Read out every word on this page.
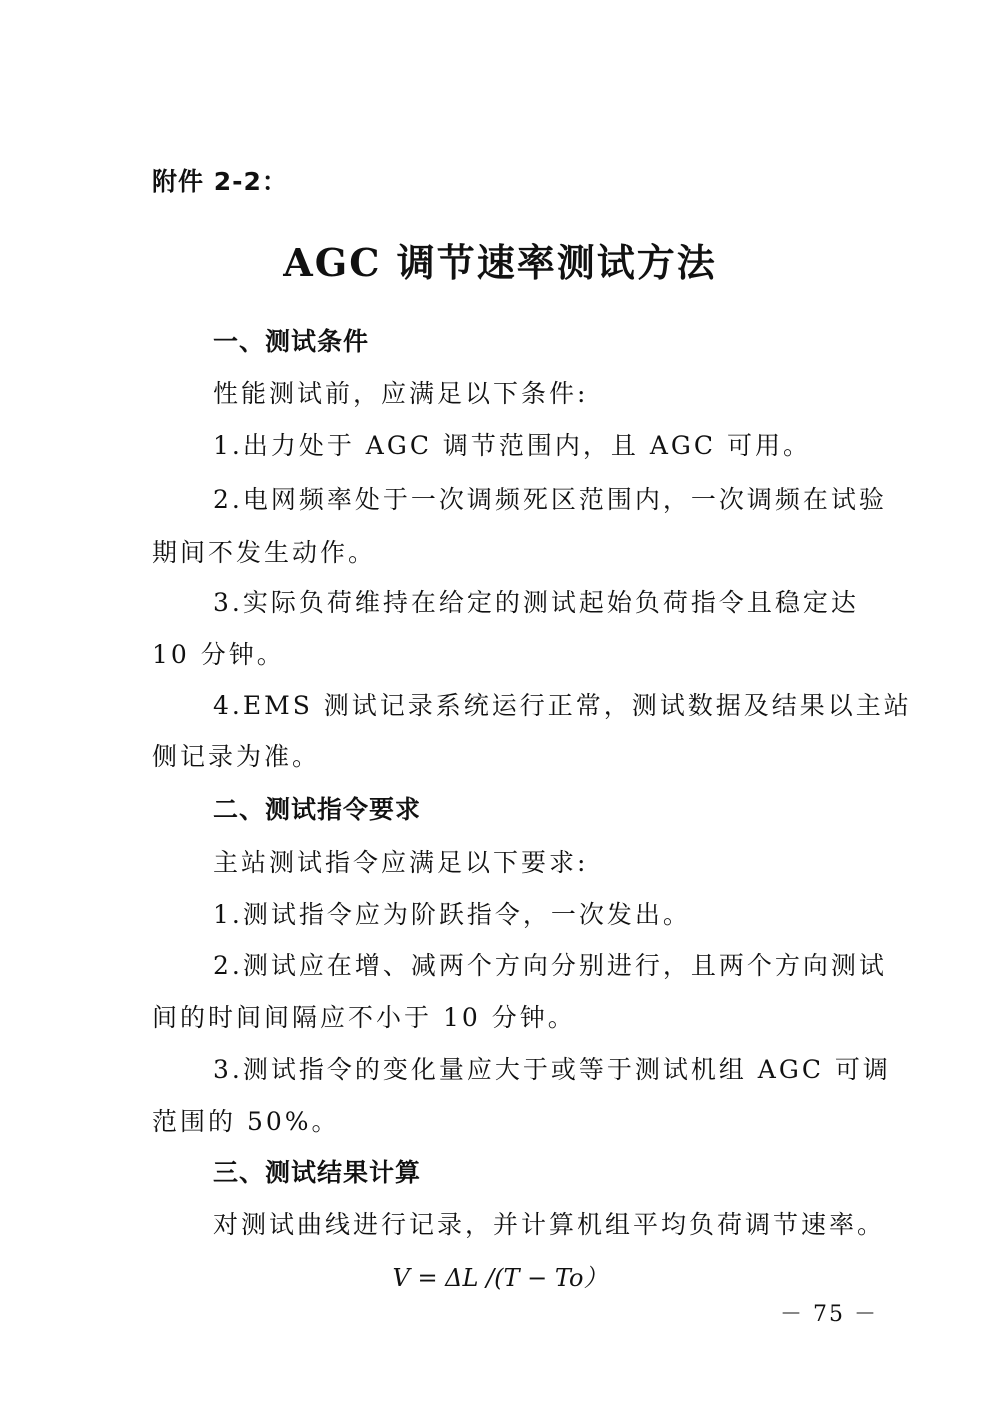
附件 2-2：
AGC 调节速率测试方法
一、测试条件
性能测试前，应满足以下条件:
1.出力处于 AGC 调节范围内，且 AGC 可用。
2.电网频率处于一次调频死区范围内，一次调频在试验
期间不发生动作。
3.实际负荷维持在给定的测试起始负荷指令且稳定达
10 分钟。
4.EMS 测试记录系统运行正常，测试数据及结果以主站
侧记录为准。
二、测试指令要求
主站测试指令应满足以下要求:
1.测试指令应为阶跃指令，一次发出。
2.测试应在增、减两个方向分别进行，且两个方向测试
间的时间间隔应不小于 10 分钟。
3.测试指令的变化量应大于或等于测试机组 AGC 可调
范围的 50%。
三、测试结果计算
对测试曲线进行记录，并计算机组平均负荷调节速率。
V = ΔL /(T − To）
－ 75 －
